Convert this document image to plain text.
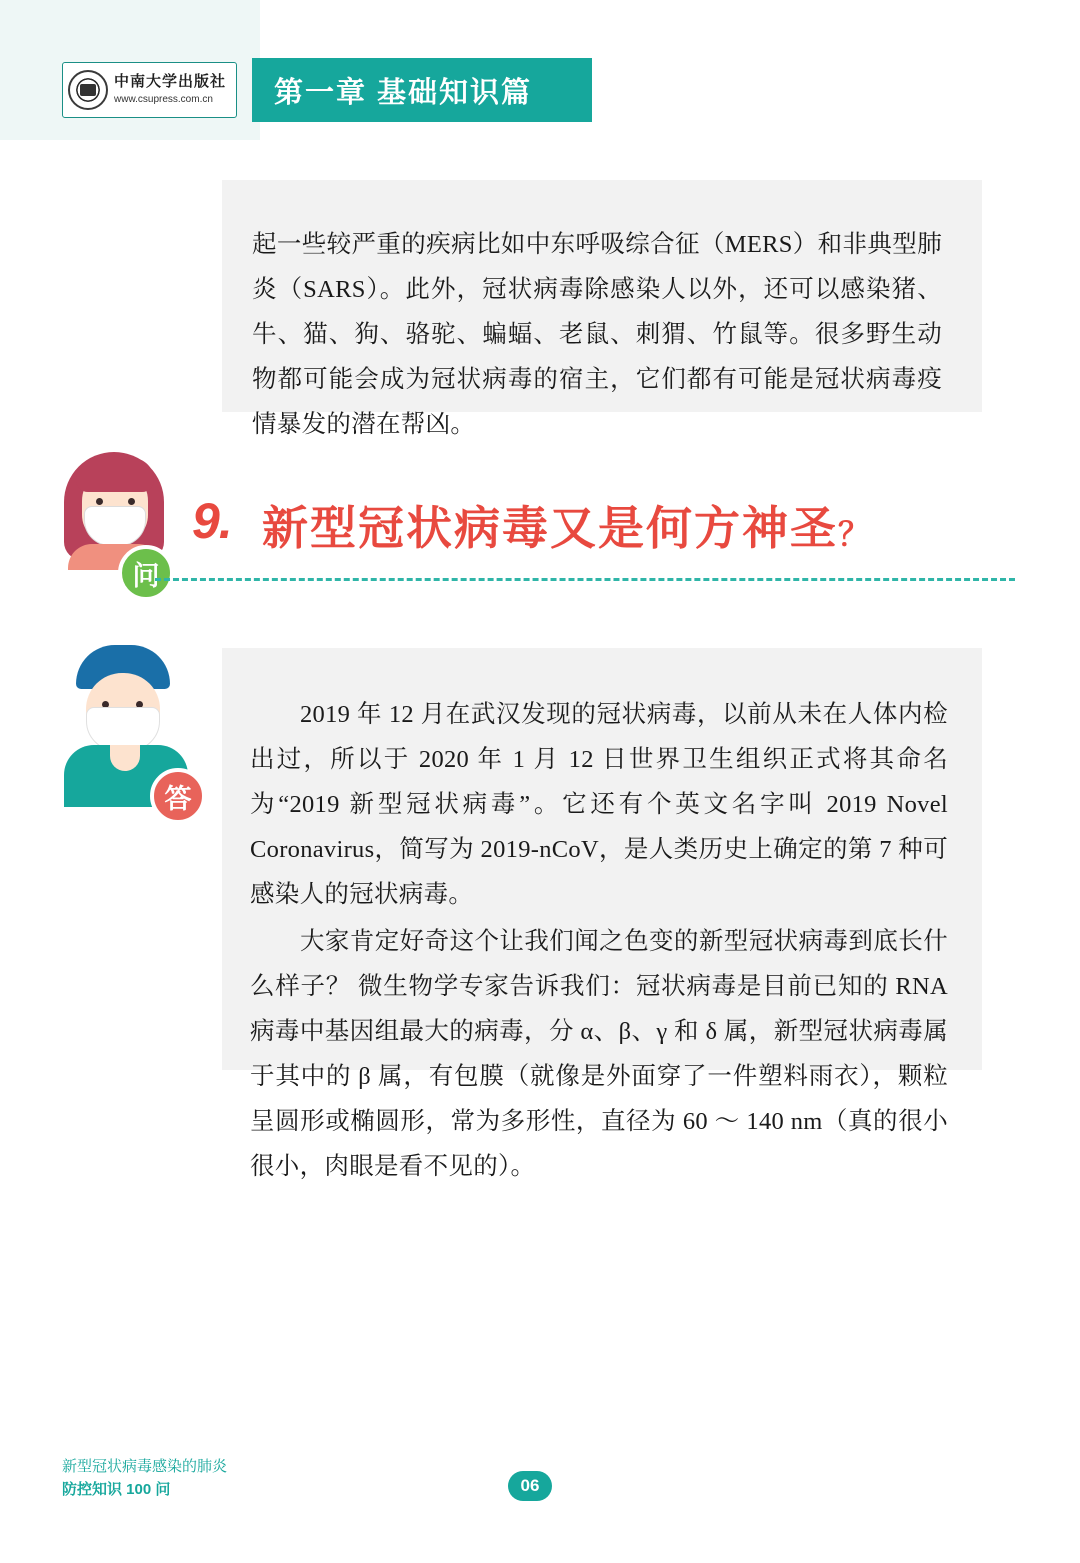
中南大学出版社
www.csupress.com.cn	第一章 基础知识篇

起一些较严重的疾病比如中东呼吸综合征（MERS）和非典型肺炎（SARS）。此外，冠状病毒除感染人以外，还可以感染猪、牛、猫、狗、骆驼、蝙蝠、老鼠、刺猬、竹鼠等。很多野生动物都可能会成为冠状病毒的宿主，它们都有可能是冠状病毒疫情暴发的潜在帮凶。

问
9. 新型冠状病毒又是何方神圣？
答

2019 年 12 月在武汉发现的冠状病毒，以前从未在人体内检出过，所以于 2020 年 1 月 12 日世界卫生组织正式将其命名为“2019 新型冠状病毒”。它还有个英文名字叫 2019 Novel Coronavirus，简写为 2019-nCoV，是人类历史上确定的第 7 种可感染人的冠状病毒。

大家肯定好奇这个让我们闻之色变的新型冠状病毒到底长什么样子？ 微生物学专家告诉我们：冠状病毒是目前已知的 RNA 病毒中基因组最大的病毒，分 α、β、γ 和 δ 属，新型冠状病毒属于其中的 β 属，有包膜（就像是外面穿了一件塑料雨衣），颗粒呈圆形或椭圆形，常为多形性，直径为 60 ～ 140 nm（真的很小很小，肉眼是看不见的）。

新型冠状病毒感染的肺炎
防控知识 100 问	06
